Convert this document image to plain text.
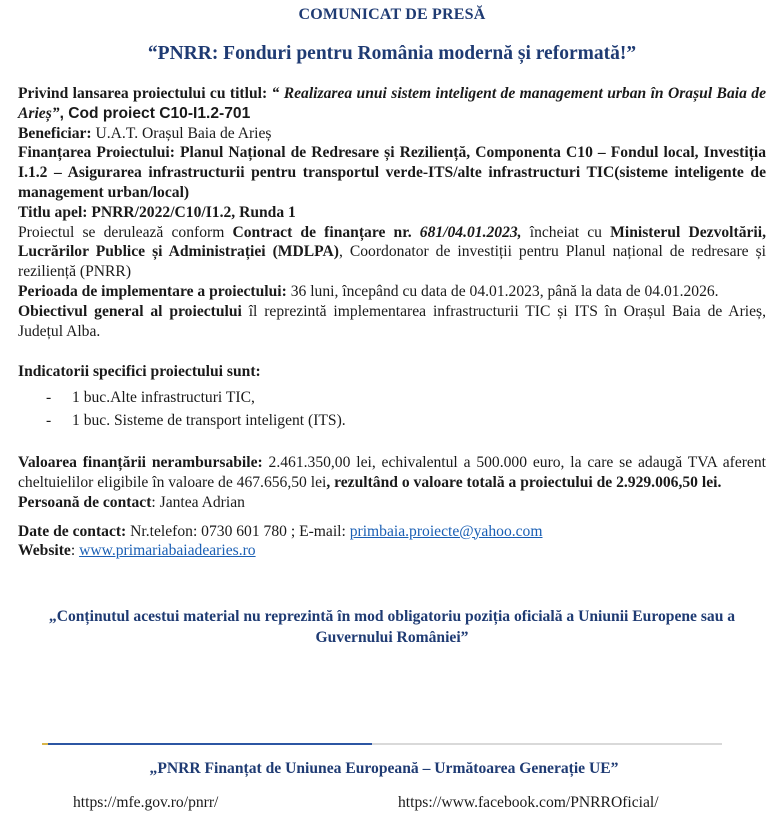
COMUNICAT DE PRESĂ
“PNRR: Fonduri pentru România modernă și reformată!”

Privind lansarea proiectului cu titlul: “ Realizarea unui sistem inteligent de management urban în Orașul Baia de Arieș”, Cod proiect C10-I1.2-701

Beneficiar: U.A.T. Orașul Baia de Arieș

Finanțarea Proiectului: Planul Național de Redresare și Reziliență, Componenta C10 – Fondul local, Investiția I.1.2 – Asigurarea infrastructurii pentru transportul verde-ITS/alte infrastructuri TIC(sisteme inteligente de management urban/local)

Titlu apel: PNRR/2022/C10/I1.2, Runda 1

Proiectul se derulează conform Contract de finanțare nr. 681/04.01.2023, încheiat cu Ministerul Dezvoltării, Lucrărilor Publice și Administrației (MDLPA), Coordonator de investiții pentru Planul național de redresare și reziliență (PNRR)

Perioada de implementare a proiectului: 36 luni, începând cu data de 04.01.2023, până la data de 04.01.2026.

Obiectivul general al proiectului îl reprezintă implementarea infrastructurii TIC și ITS în Orașul Baia de Arieș, Județul Alba.

Indicatorii specifici proiectului sunt:

- 1 buc.Alte infrastructuri TIC,
- 1 buc. Sisteme de transport inteligent (ITS).

Valoarea finanțării nerambursabile: 2.461.350,00 lei, echivalentul a 500.000 euro, la care se adaugă TVA aferent cheltuielilor eligibile în valoare de 467.656,50 lei, rezultând o valoare totală a proiectului de 2.929.006,50 lei.

Persoană de contact: Jantea Adrian

Date de contact: Nr.telefon: 0730 601 780 ; E-mail: primbaia.proiecte@yahoo.com

Website: www.primariabaiadearies.ro

„Conținutul acestui material nu reprezintă în mod obligatoriu poziția oficială a Uniunii Europene sau a Guvernului României”
„PNRR Finanțat de Uniunea Europeană – Următoarea Generație UE”
https://mfe.gov.ro/pnrr/	https://www.facebook.com/PNRROficial/
